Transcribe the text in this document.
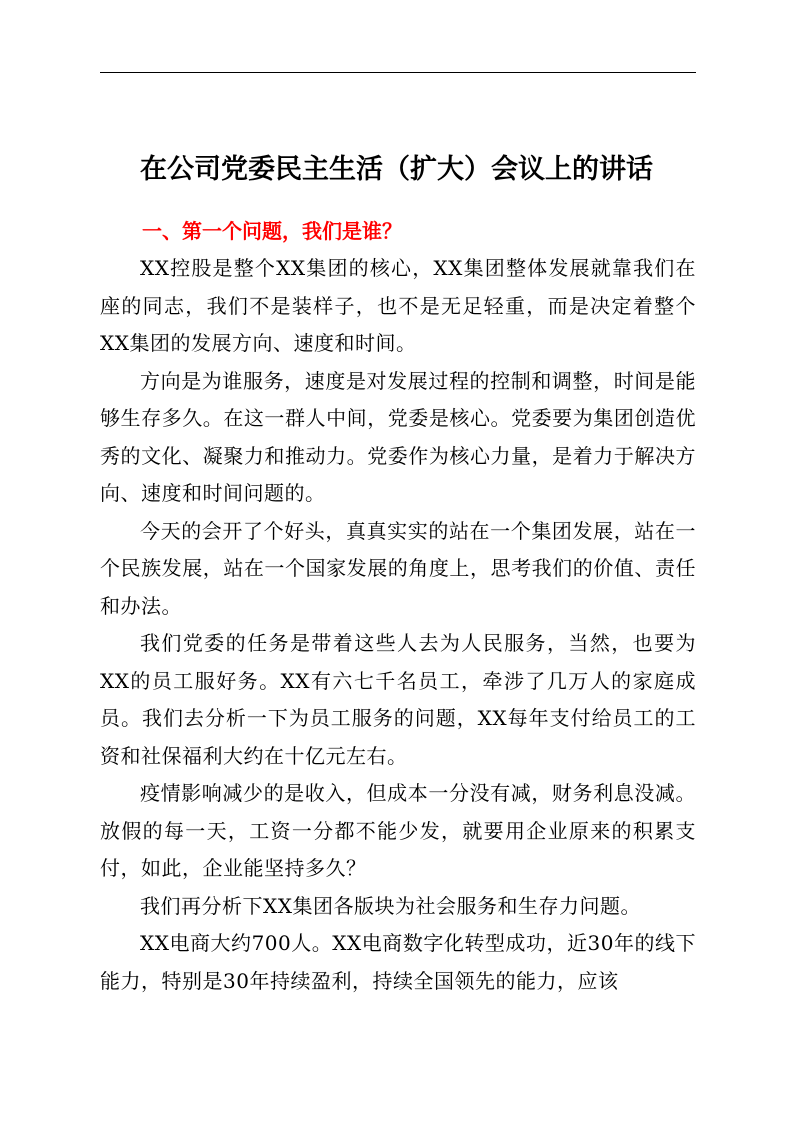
在公司党委民主生活（扩大）会议上的讲话
一、第一个问题，我们是谁？

XX控股是整个XX集团的核心，XX集团整体发展就靠我们在座的同志，我们不是装样子，也不是无足轻重，而是决定着整个XX集团的发展方向、速度和时间。

方向是为谁服务，速度是对发展过程的控制和调整，时间是能够生存多久。在这一群人中间，党委是核心。党委要为集团创造优秀的文化、凝聚力和推动力。党委作为核心力量，是着力于解决方向、速度和时间问题的。

今天的会开了个好头，真真实实的站在一个集团发展，站在一个民族发展，站在一个国家发展的角度上，思考我们的价值、责任和办法。

我们党委的任务是带着这些人去为人民服务，当然，也要为XX的员工服好务。XX有六七千名员工，牵涉了几万人的家庭成员。我们去分析一下为员工服务的问题，XX每年支付给员工的工资和社保福利大约在十亿元左右。

疫情影响减少的是收入，但成本一分没有减，财务利息没减。放假的每一天，工资一分都不能少发，就要用企业原来的积累支付，如此，企业能坚持多久？

我们再分析下XX集团各版块为社会服务和生存力问题。

XX电商大约700人。XX电商数字化转型成功，近30年的线下能力，特别是30年持续盈利，持续全国领先的能力，应该
